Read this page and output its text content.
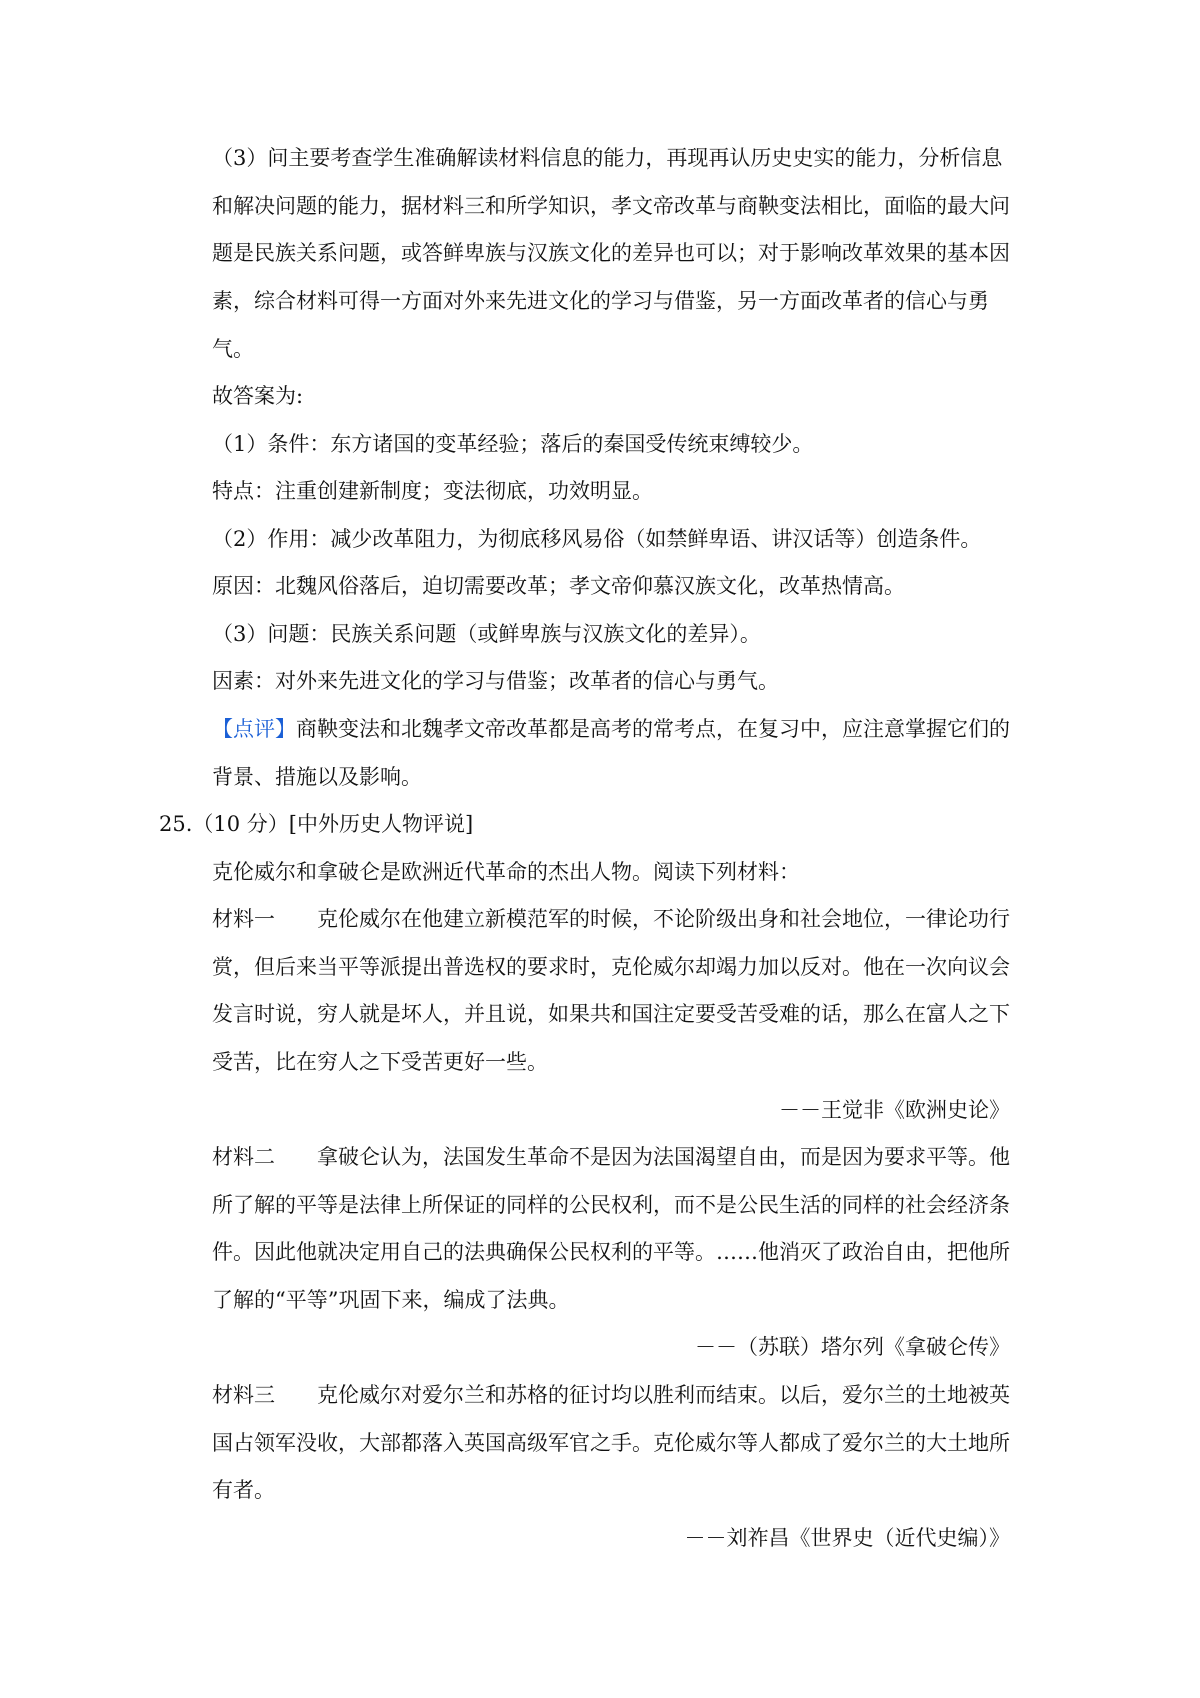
（3）问主要考查学生准确解读材料信息的能力，再现再认历史史实的能力，分析信息
和解决问题的能力，据材料三和所学知识，孝文帝改革与商鞅变法相比，面临的最大问
题是民族关系问题，或答鲜卑族与汉族文化的差异也可以；对于影响改革效果的基本因
素，综合材料可得一方面对外来先进文化的学习与借鉴，另一方面改革者的信心与勇
气。
故答案为:
（1）条件：东方诸国的变革经验；落后的秦国受传统束缚较少。
特点：注重创建新制度；变法彻底，功效明显。
（2）作用：减少改革阻力，为彻底移风易俗（如禁鲜卑语、讲汉话等）创造条件。
原因：北魏风俗落后，迫切需要改革；孝文帝仰慕汉族文化，改革热情高。
（3）问题：民族关系问题（或鲜卑族与汉族文化的差异）。
因素：对外来先进文化的学习与借鉴；改革者的信心与勇气。
【点评】商鞅变法和北魏孝文帝改革都是高考的常考点，在复习中，应注意掌握它们的
背景、措施以及影响。
25.（10 分）[中外历史人物评说]
克伦威尔和拿破仑是欧洲近代革命的杰出人物。阅读下列材料：
材料一 克伦威尔在他建立新模范军的时候，不论阶级出身和社会地位，一律论功行
赏，但后来当平等派提出普选权的要求时，克伦威尔却竭力加以反对。他在一次向议会
发言时说，穷人就是坏人，并且说，如果共和国注定要受苦受难的话，那么在富人之下
受苦，比在穷人之下受苦更好一些。
－－王觉非《欧洲史论》
材料二 拿破仑认为，法国发生革命不是因为法国渴望自由，而是因为要求平等。他
所了解的平等是法律上所保证的同样的公民权利，而不是公民生活的同样的社会经济条
件。因此他就决定用自己的法典确保公民权利的平等。……他消灭了政治自由，把他所
了解的“平等”巩固下来，编成了法典。
－－（苏联）塔尔列《拿破仑传》
材料三 克伦威尔对爱尔兰和苏格的征讨均以胜利而结束。以后，爱尔兰的土地被英
国占领军没收，大部都落入英国高级军官之手。克伦威尔等人都成了爱尔兰的大土地所
有者。
－－刘祚昌《世界史（近代史编）》
